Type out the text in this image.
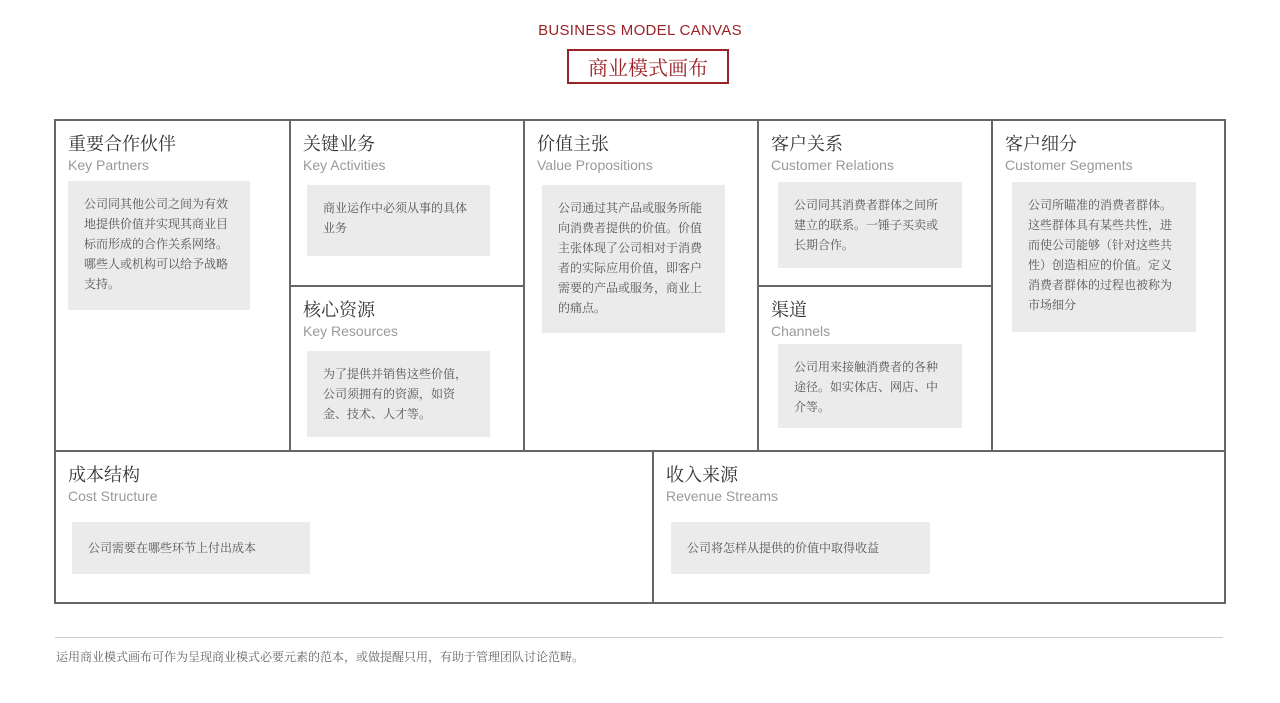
BUSINESS MODEL CANVAS
商业模式画布
重要合作伙伴
Key Partners
公司同其他公司之间为有效地提供价值并实现其商业目标而形成的合作关系网络。哪些人或机构可以给予战略支持。
关键业务
Key Activities
商业运作中必须从事的具体业务
核心资源
Key Resources
为了提供并销售这些价值，公司须拥有的资源，如资金、技术、人才等。
价值主张
Value Propositions
公司通过其产品或服务所能向消费者提供的价值。价值主张体现了公司相对于消费者的实际应用价值，即客户需要的产品或服务，商业上的痛点。
客户关系
Customer Relations
公司同其消费者群体之间所建立的联系。一锤子买卖或长期合作。
渠道
Channels
公司用来接触消费者的各种途径。如实体店、网店、中介等。
客户细分
Customer Segments
公司所瞄准的消费者群体。这些群体具有某些共性，进而使公司能够（针对这些共性）创造相应的价值。定义消费者群体的过程也被称为市场细分
成本结构
Cost Structure
公司需要在哪些环节上付出成本
收入来源
Revenue Streams
公司将怎样从提供的价值中取得收益
运用商业模式画布可作为呈现商业模式必要元素的范本，或做提醒只用，有助于管理团队讨论范畴。
